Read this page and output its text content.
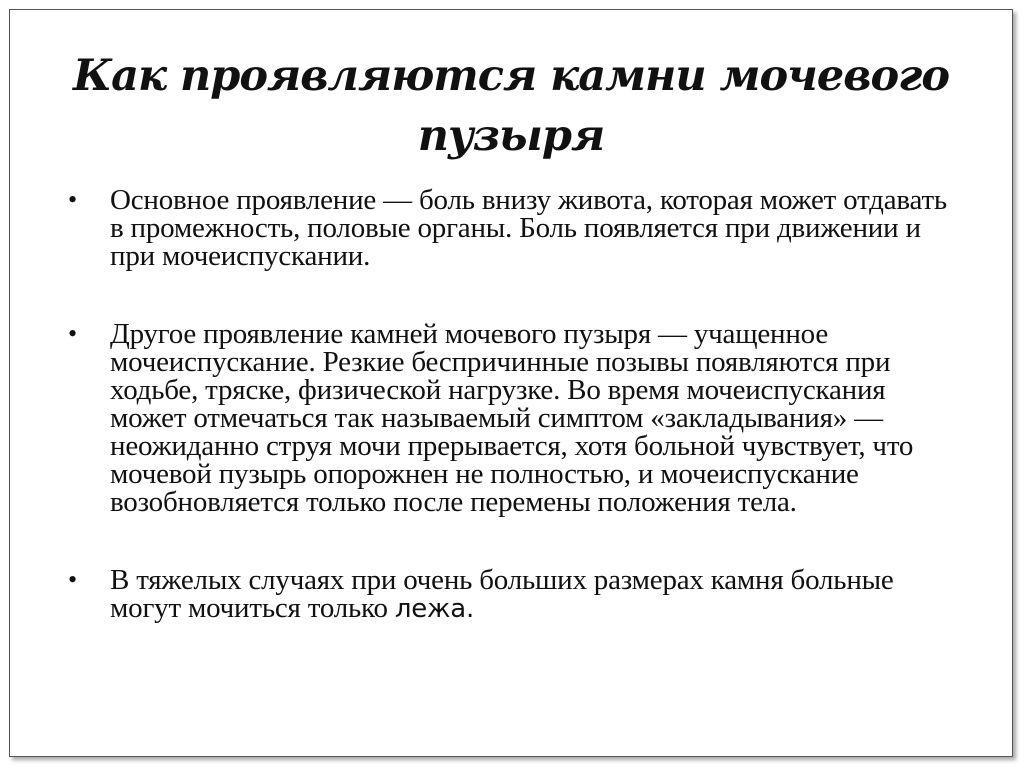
Как проявляются камни мочевого
пузыря
• Основное проявление — боль внизу живота, которая может отдавать в промежность, половые органы. Боль появляется при движении и при мочеиспускании.
• Другое проявление камней мочевого пузыря — учащенное мочеиспускание. Резкие беспричинные позывы появляются при ходьбе, тряске, физической нагрузке. Во время мочеиспускания может отмечаться так называемый симптом «закладывания» — неожиданно струя мочи прерывается, хотя больной чувствует, что мочевой пузырь опорожнен не полностью, и мочеиспускание возобновляется только после перемены положения тела.
• В тяжелых случаях при очень больших размерах камня больные могут мочиться только лежа.
